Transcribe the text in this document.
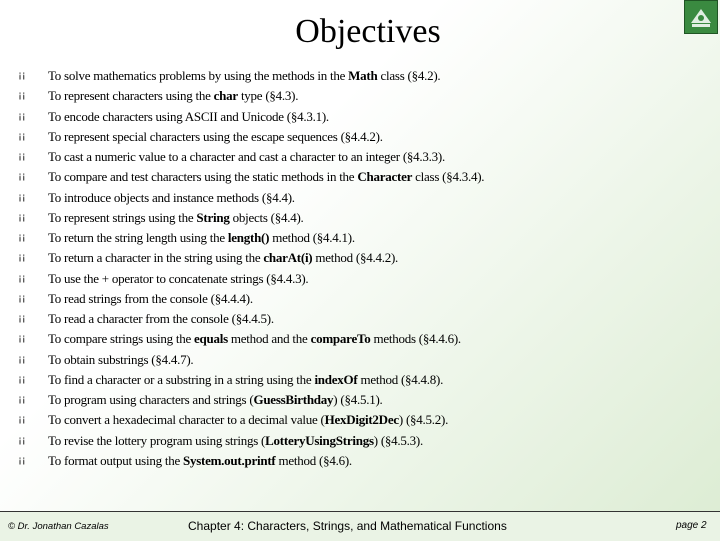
Objectives
¡¡ To solve mathematics problems by using the methods in the Math class (§4.2).
¡¡ To represent characters using the char type (§4.3).
¡¡ To encode characters using ASCII and Unicode (§4.3.1).
¡¡ To represent special characters using the escape sequences (§4.4.2).
¡¡ To cast a numeric value to a character and cast a character to an integer (§4.3.3).
¡¡ To compare and test characters using the static methods in the Character class (§4.3.4).
¡¡ To introduce objects and instance methods (§4.4).
¡¡ To represent strings using the String objects (§4.4).
¡¡ To return the string length using the length() method (§4.4.1).
¡¡ To return a character in the string using the charAt(i) method (§4.4.2).
¡¡ To use the + operator to concatenate strings (§4.4.3).
¡¡ To read strings from the console (§4.4.4).
¡¡ To read a character from the console (§4.4.5).
¡¡ To compare strings using the equals method and the compareTo methods (§4.4.6).
¡¡ To obtain substrings (§4.4.7).
¡¡ To find a character or a substring in a string using the indexOf method (§4.4.8).
¡¡ To program using characters and strings (GuessBirthday) (§4.5.1).
¡¡ To convert a hexadecimal character to a decimal value (HexDigit2Dec) (§4.5.2).
¡¡ To revise the lottery program using strings (LotteryUsingStrings) (§4.5.3).
¡¡ To format output using the System.out.printf method (§4.6).
© Dr. Jonathan Cazalas	Chapter 4: Characters, Strings, and Mathematical Functions	page 2
